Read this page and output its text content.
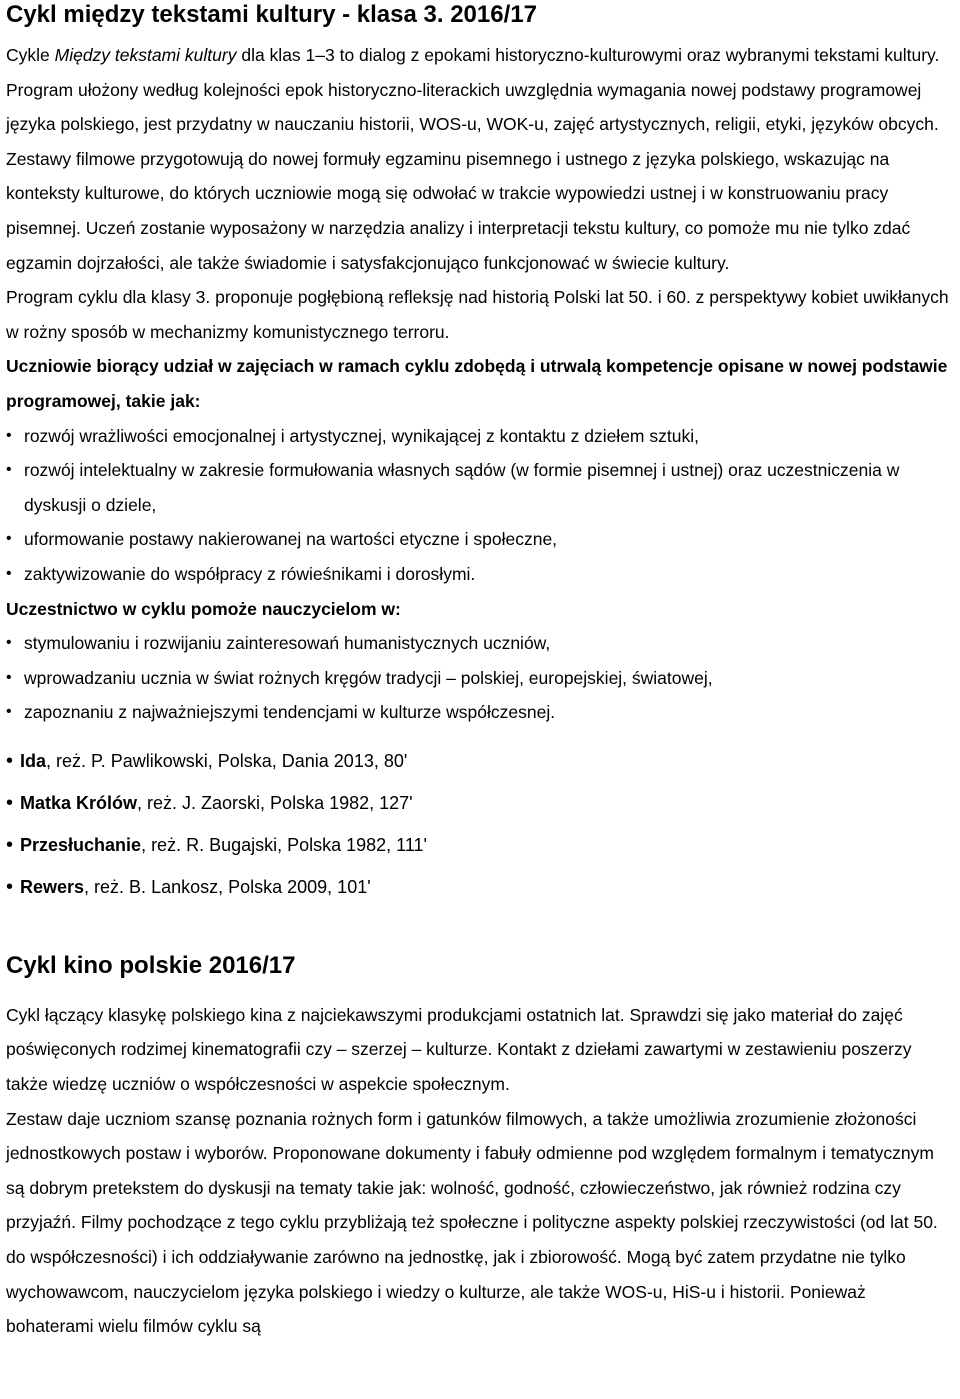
Cykl między tekstami kultury - klasa 3. 2016/17

Cykle Między tekstami kultury dla klas 1–3 to dialog z epokami historyczno-kulturowymi oraz wybranymi tekstami kultury. Program ułożony według kolejności epok historyczno-literackich uwzględnia wymagania nowej podstawy programowej języka polskiego, jest przydatny w nauczaniu historii, WOS-u, WOK-u, zajęć artystycznych, religii, etyki, języków obcych.

Zestawy filmowe przygotowują do nowej formuły egzaminu pisemnego i ustnego z języka polskiego, wskazując na konteksty kulturowe, do których uczniowie mogą się odwołać w trakcie wypowiedzi ustnej i w konstruowaniu pracy pisemnej. Uczeń zostanie wyposażony w narzędzia analizy i interpretacji tekstu kultury, co pomoże mu nie tylko zdać egzamin dojrzałości, ale także świadomie i satysfakcjonująco funkcjonować w świecie kultury.

Program cyklu dla klasy 3. proponuje pogłębioną refleksję nad historią Polski lat 50. i 60. z perspektywy kobiet uwikłanych w rożny sposób w mechanizmy komunistycznego terroru.

Uczniowie biorący udział w zajęciach w ramach cyklu zdobędą i utrwalą kompetencje opisane w nowej podstawie programowej, takie jak:

• rozwój wrażliwości emocjonalnej i artystycznej, wynikającej z kontaktu z dziełem sztuki,
• rozwój intelektualny w zakresie formułowania własnych sądów (w formie pisemnej i ustnej) oraz uczestniczenia w dyskusji o dziele,
• uformowanie postawy nakierowanej na wartości etyczne i społeczne,
• zaktywizowanie do współpracy z rówieśnikami i dorosłymi.

Uczestnictwo w cyklu pomoże nauczycielom w:

• stymulowaniu i rozwijaniu zainteresowań humanistycznych uczniów,
• wprowadzaniu ucznia w świat rożnych kręgów tradycji – polskiej, europejskiej, światowej,
• zapoznaniu z najważniejszymi tendencjami w kulturze współczesnej.
• Ida, reż. P. Pawlikowski, Polska, Dania 2013, 80'
• Matka Królów, reż. J. Zaorski, Polska 1982, 127'
• Przesłuchanie, reż. R. Bugajski, Polska 1982, 111'
• Rewers, reż. B. Lankosz, Polska 2009, 101'
Cykl kino polskie 2016/17

Cykl łączący klasykę polskiego kina z najciekawszymi produkcjami ostatnich lat. Sprawdzi się jako materiał do zajęć poświęconych rodzimej kinematografii czy – szerzej – kulturze. Kontakt z dziełami zawartymi w zestawieniu poszerzy także wiedzę uczniów o współczesności w aspekcie społecznym.

Zestaw daje uczniom szansę poznania rożnych form i gatunków filmowych, a także umożliwia zrozumienie złożoności jednostkowych postaw i wyborów. Proponowane dokumenty i fabuły odmienne pod względem formalnym i tematycznym są dobrym pretekstem do dyskusji na tematy takie jak: wolność, godność, człowieczeństwo, jak również rodzina czy przyjaźń. Filmy pochodzące z tego cyklu przybliżają też społeczne i polityczne aspekty polskiej rzeczywistości (od lat 50. do współczesności) i ich oddziaływanie zarówno na jednostkę, jak i zbiorowość. Mogą być zatem przydatne nie tylko wychowawcom, nauczycielom języka polskiego i wiedzy o kulturze, ale także WOS-u, HiS-u i historii. Ponieważ bohaterami wielu filmów cyklu są
